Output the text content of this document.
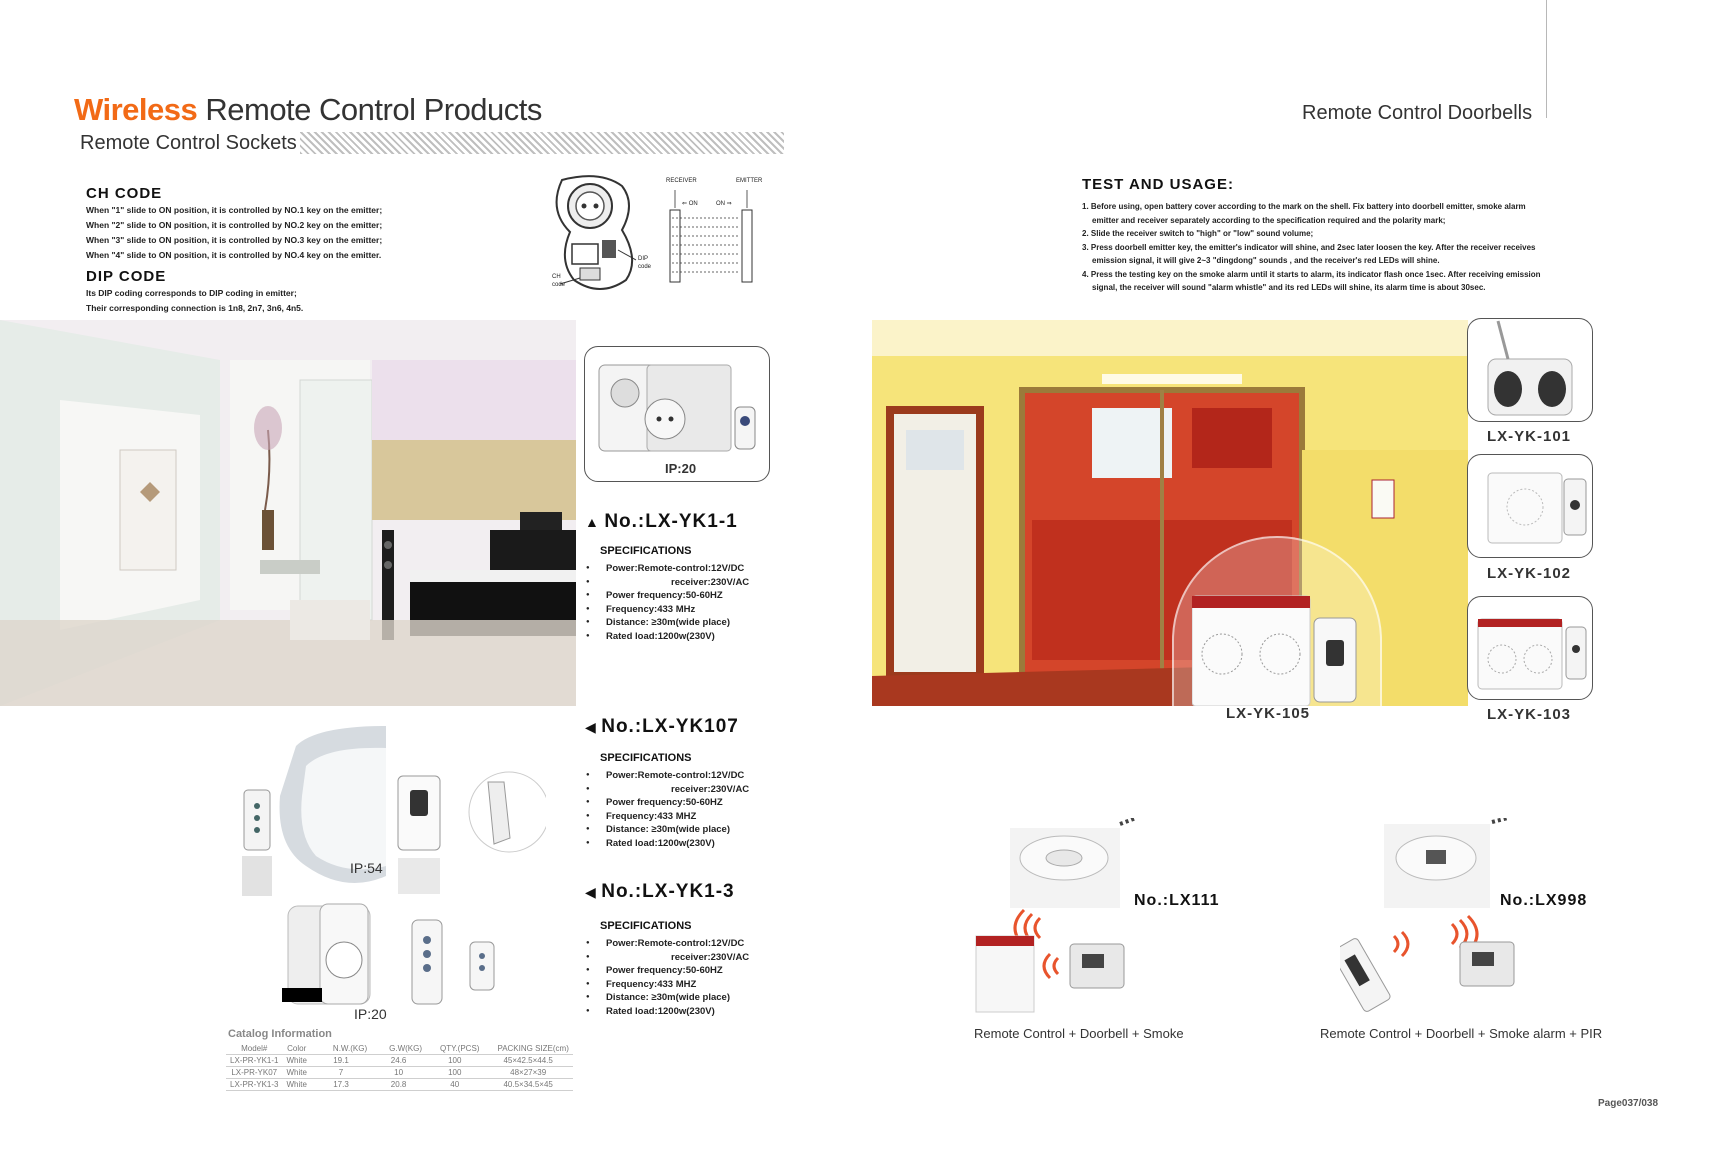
Wireless Remote Control Products
Remote Control Sockets
Remote Control Doorbells
CH CODE
When "1" slide to ON position, it is controlled by NO.1 key on the emitter;
When "2" slide to ON position, it is controlled by NO.2 key on the emitter;
When "3" slide to ON position, it is controlled by NO.3 key on the emitter;
When "4" slide to ON position, it is controlled by NO.4 key on the emitter.
DIP CODE
Its DIP coding corresponds to DIP coding in emitter;
Their corresponding connection is 1n8, 2n7, 3n6, 4n5.
RECEIVER	EMITTER
⇐ ON	ON ⇒
DIP
code
CH
code
IP:20
▲ No.:LX-YK1-1
SPECIFICATIONS
● Power:Remote-control:12V/DC
● receiver:230V/AC
● Power frequency:50-60HZ
● Frequency:433 MHz
● Distance: ≥30m(wide place)
● Rated load:1200w(230V)
IP:54
◀ No.:LX-YK107
SPECIFICATIONS
● Power:Remote-control:12V/DC
● receiver:230V/AC
● Power frequency:50-60HZ
● Frequency:433 MHZ
● Distance: ≥30m(wide place)
● Rated load:1200w(230V)
IP:20
◀ No.:LX-YK1-3
SPECIFICATIONS
● Power:Remote-control:12V/DC
● receiver:230V/AC
● Power frequency:50-60HZ
● Frequency:433 MHZ
● Distance: ≥30m(wide place)
● Rated load:1200w(230V)
Catalog Information
Model#	Color	N.W.(KG)	G.W(KG)	QTY.(PCS)	PACKING SIZE(cm)
LX-PR-YK1-1	White	19.1	24.6	100	45×42.5×44.5
LX-PR-YK07	White	7	10	100	48×27×39
LX-PR-YK1-3	White	17.3	20.8	40	40.5×34.5×45
TEST AND USAGE:
1. Before using, open battery cover according to the mark on the shell. Fix battery into doorbell emitter, smoke alarm
emitter and receiver separately according to the specification required and the polarity mark;
2. Slide the receiver switch to "high" or "low" sound volume;
3. Press doorbell emitter key, the emitter's indicator will shine, and 2sec later loosen the key. After the receiver receives
emission signal, it will give 2~3 "dingdong" sounds , and the receiver's red LEDs will shine.
4. Press the testing key on the smoke alarm until it starts to alarm, its indicator flash once 1sec. After receiving emission
signal, the receiver will sound "alarm whistle" and its red LEDs will shine, its alarm time is about 30sec.
LX-YK-105
LX-YK-101
LX-YK-102
LX-YK-103
No.:LX111
Remote Control + Doorbell + Smoke
No.:LX998
Remote Control + Doorbell + Smoke alarm + PIR
Page037/038
